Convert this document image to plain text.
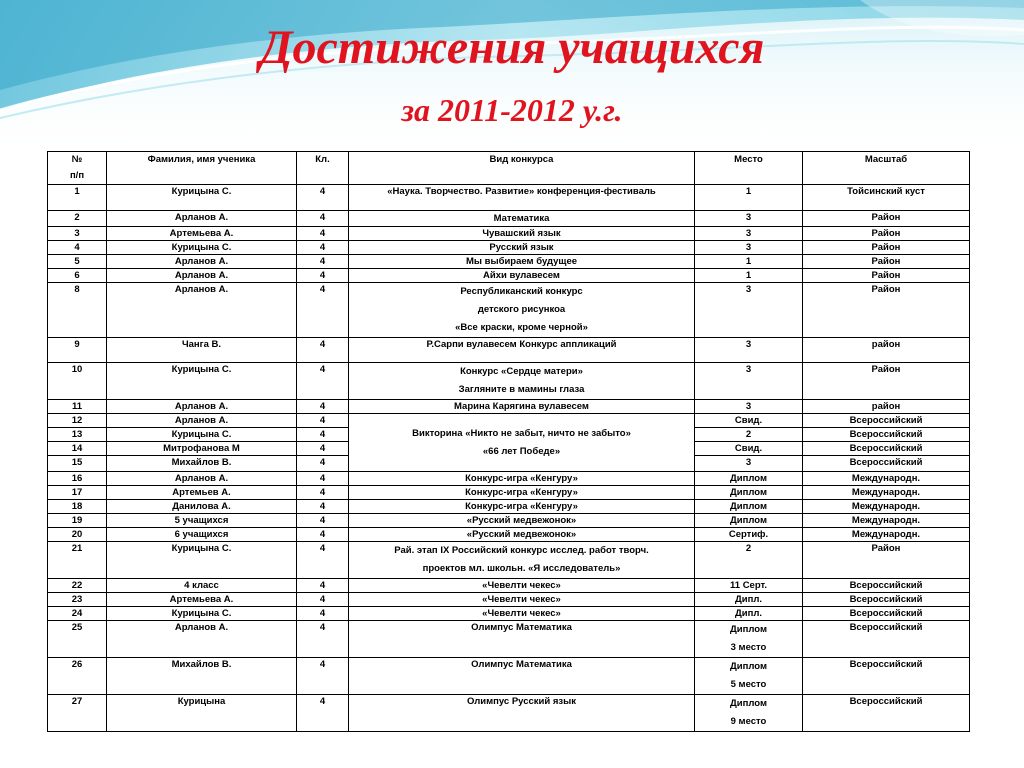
Достижения учащихся
за 2011-2012 у.г.
№
п/п	Фамилия, имя ученика	Кл.	Вид конкурса	Место	Масштаб
1	Курицына С.	4	«Наука. Творчество. Развитие» конференция-фестиваль	1	Тойсинский куст
2	Арланов А.	4	Математика	3	Район
3	Артемьева А.	4	Чувашский язык	3	Район
4	Курицына С.	4	Русский язык	3	Район
5	Арланов А.	4	Мы выбираем будущее	1	Район
6	Арланов А.	4	Айхи вулавесем	1	Район
8	Арланов А.	4	Республиканский конкурс
детского рисункоа
«Все краски, кроме черной»	3	Район
9	Чанга В.	4	Р.Сарпи вулавесем Конкурс аппликаций	3	район
10	Курицына С.	4	Конкурс «Сердце матери»
Загляните в мамины глаза	3	Район
11	Арланов А.	4	Марина Карягина вулавесем	3	район
12	Арланов А.	4	Викторина «Никто не забыт, ничто не забыто»
«66 лет Победе»	Свид.	Всероссийский
13	Курицына С.	4		2	Всероссийский
14	Митрофанова М	4		Свид.	Всероссийский
15	Михайлов В.	4		3	Всероссийский
16	Арланов А.	4	Конкурс-игра «Кенгуру»	Диплом	Международн.
17	Артемьев А.	4	Конкурс-игра «Кенгуру»	Диплом	Международн.
18	Данилова А.	4	Конкурс-игра «Кенгуру»	Диплом	Международн.
19	5 учащихся	4	«Русский медвежонок»	Диплом	Международн.
20	6 учащихся	4	«Русский медвежонок»	Сертиф.	Международн.
21	Курицына С.	4	Рай. этап IX Российский конкурс исслед. работ творч.
проектов мл. школьн. «Я исследователь»	2	Район
22	4 класс	4	«Чевелти чекес»	11 Серт.	Всероссийский
23	Артемьева А.	4	«Чевелти чекес»	Дипл.	Всероссийский
24	Курицына С.	4	«Чевелти чекес»	Дипл.	Всероссийский
25	Арланов А.	4	Олимпус Математика	Диплом
3 место	Всероссийский
26	Михайлов В.	4	Олимпус Математика	Диплом
5 место	Всероссийский
27	Курицына	4	Олимпус Русский язык	Диплом
9 место	Всероссийский
